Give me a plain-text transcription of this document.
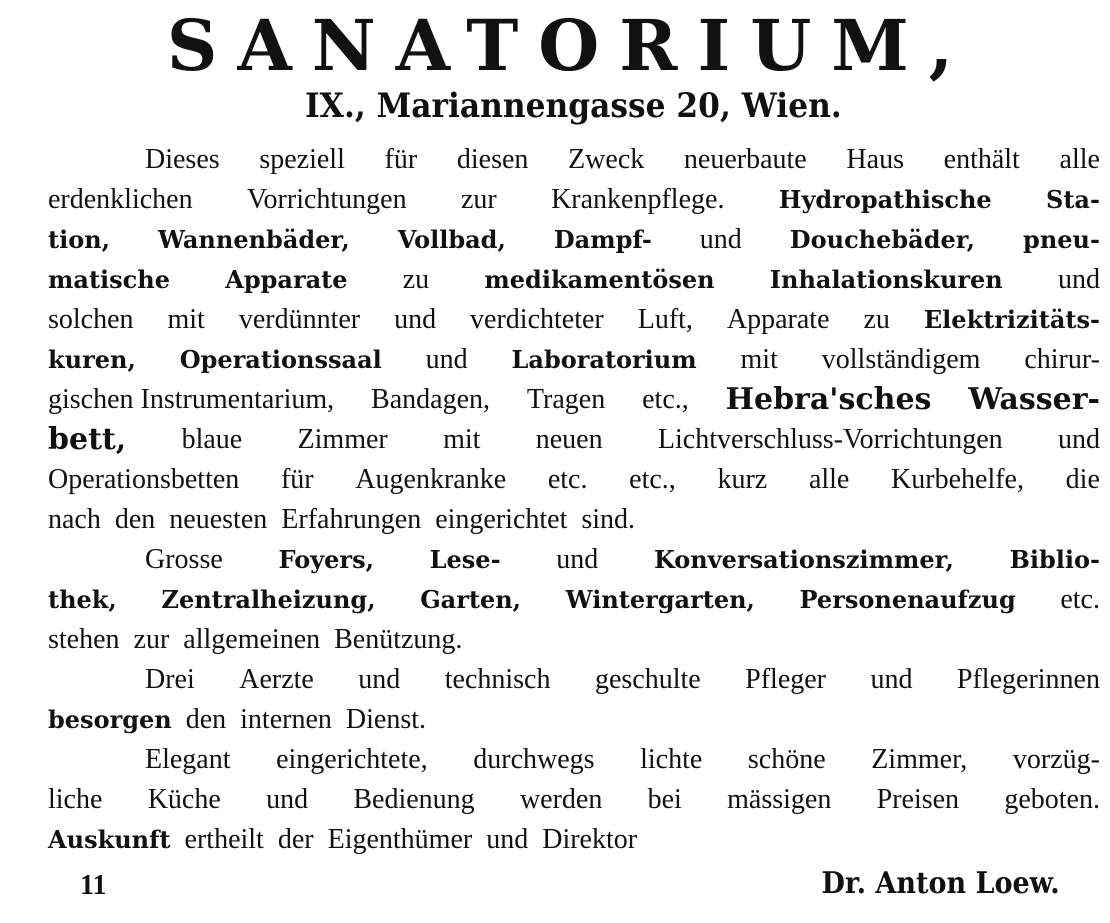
SANATORIUM,
IX., Mariannengasse 20, Wien.
Dieses speziell für diesen Zweck neuerbaute Haus enthält alle
erdenklichen Vorrichtungen zur Krankenpflege. Hydropathische Sta-
tion, Wannenbäder, Vollbad, Dampf- und Douchebäder, pneu-
matische Apparate zu medikamentösen Inhalationskuren und
solchen mit verdünnter und verdichteter Luft, Apparate zu Elektrizitäts-
kuren, Operationssaal und Laboratorium mit vollständigem chirur-
gischen Instrumentarium, Bandagen, Tragen etc., Hebra'sches Wasser-
bett, blaue Zimmer mit neuen Lichtverschluss-Vorrichtungen und
Operationsbetten für Augenkranke etc. etc., kurz alle Kurbehelfe, die
nach den neuesten Erfahrungen eingerichtet sind.
Grosse Foyers, Lese- und Konversationszimmer, Biblio-
thek, Zentralheizung, Garten, Wintergarten, Personenaufzug etc.
stehen zur allgemeinen Benützung.
Drei Aerzte und technisch geschulte Pfleger und Pflegerinnen
besorgen den internen Dienst.
Elegant eingerichtete, durchwegs lichte schöne Zimmer, vorzüg-
liche Küche und Bedienung werden bei mässigen Preisen geboten.
Auskunft ertheilt der Eigenthümer und Direktor
11	Dr. Anton Loew.
